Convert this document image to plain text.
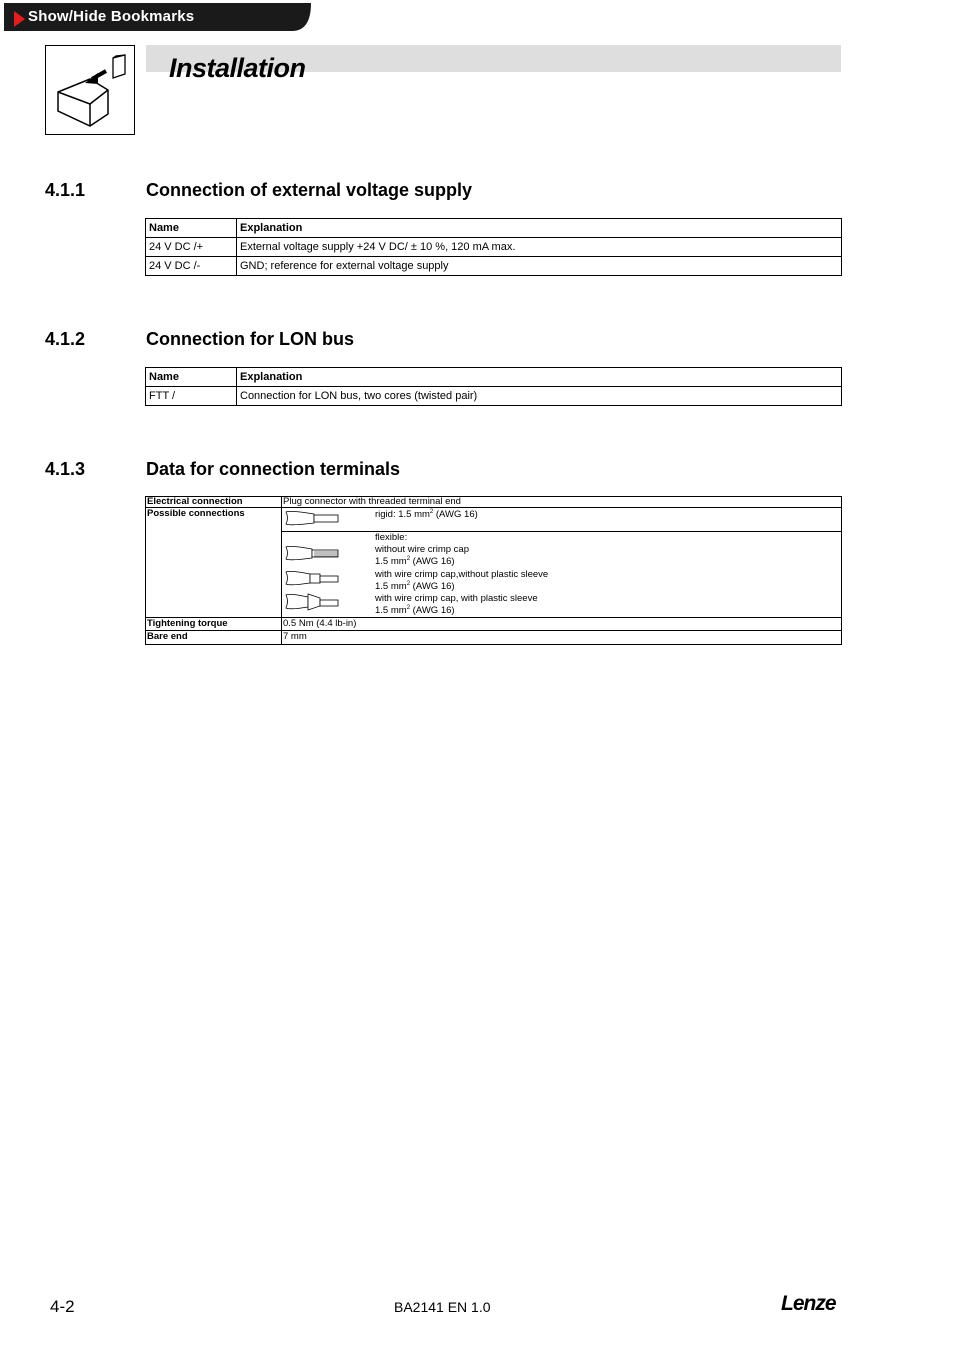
Show/Hide Bookmarks
Installation
4.1.1	Connection of external voltage supply
Name	Explanation
24 V DC /+	External voltage supply +24 V DC/ ± 10 %, 120 mA max.
24 V DC /-	GND; reference for external voltage supply
4.1.2	Connection for LON bus
Name	Explanation
FTT /	Connection for LON bus, two cores (twisted pair)
4.1.3	Data for connection terminals
Electrical connection	Plug connector with threaded terminal end
Possible connections	rigid: 1.5 $mm^2$ (AWG 16)
flexible:
without wire crimp cap
1.5 $mm^2$ (AWG 16)
with wire crimp cap,without plastic sleeve
1.5 $mm^2$ (AWG 16)
with wire crimp cap, with plastic sleeve
1.5 $mm^2$ (AWG 16)
Tightening torque	0.5 Nm (4.4 lb-in)
Bare end	7 mm
4-2	BA2141 EN 1.0	Lenze
